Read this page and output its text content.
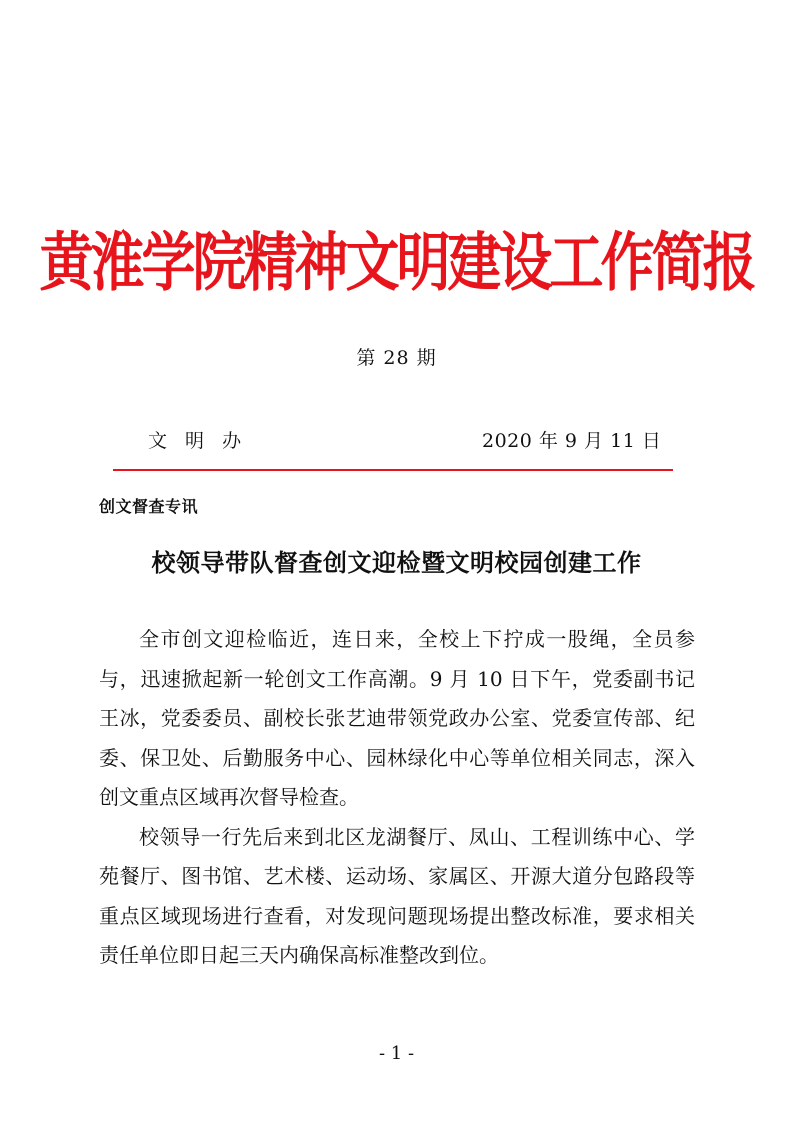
黄淮学院精神文明建设工作简报
第 28 期
文 明 办	2020 年 9 月 11 日
创文督查专讯
校领导带队督查创文迎检暨文明校园创建工作

全市创文迎检临近，连日来，全校上下拧成一股绳，全员参与，迅速掀起新一轮创文工作高潮。9 月 10 日下午，党委副书记王冰，党委委员、副校长张艺迪带领党政办公室、党委宣传部、纪委、保卫处、后勤服务中心、园林绿化中心等单位相关同志，深入创文重点区域再次督导检查。

校领导一行先后来到北区龙湖餐厅、凤山、工程训练中心、学苑餐厅、图书馆、艺术楼、运动场、家属区、开源大道分包路段等重点区域现场进行查看，对发现问题现场提出整改标准，要求相关责任单位即日起三天内确保高标准整改到位。

- 1 -
